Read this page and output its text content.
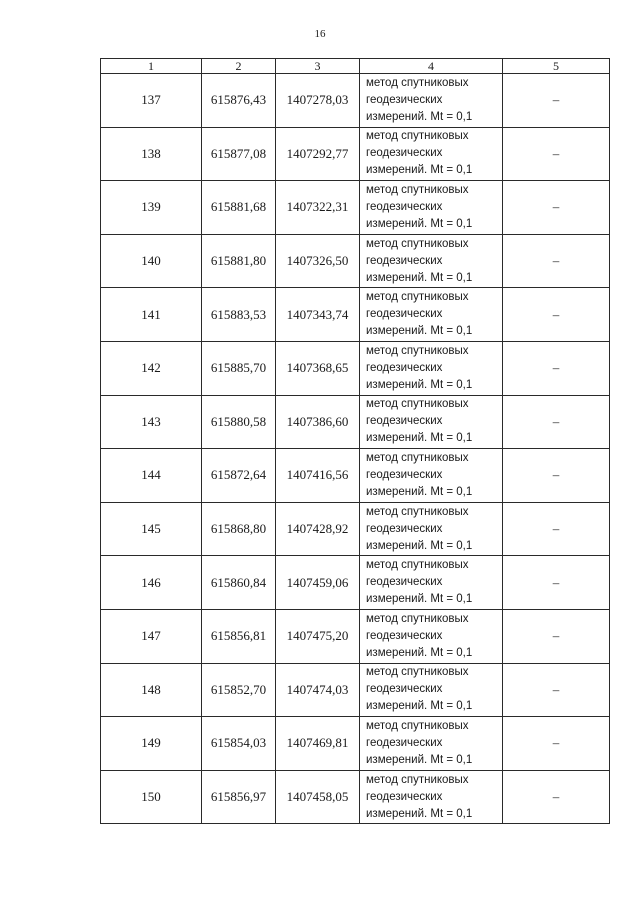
16
1	2	3	4	5
137	615876,43	1407278,03	метод спутниковых
геодезических
измерений. Mt = 0,1	–
138	615877,08	1407292,77	метод спутниковых
геодезических
измерений. Mt = 0,1	–
139	615881,68	1407322,31	метод спутниковых
геодезических
измерений. Mt = 0,1	–
140	615881,80	1407326,50	метод спутниковых
геодезических
измерений. Mt = 0,1	–
141	615883,53	1407343,74	метод спутниковых
геодезических
измерений. Mt = 0,1	–
142	615885,70	1407368,65	метод спутниковых
геодезических
измерений. Mt = 0,1	–
143	615880,58	1407386,60	метод спутниковых
геодезических
измерений. Mt = 0,1	–
144	615872,64	1407416,56	метод спутниковых
геодезических
измерений. Mt = 0,1	–
145	615868,80	1407428,92	метод спутниковых
геодезических
измерений. Mt = 0,1	–
146	615860,84	1407459,06	метод спутниковых
геодезических
измерений. Mt = 0,1	–
147	615856,81	1407475,20	метод спутниковых
геодезических
измерений. Mt = 0,1	–
148	615852,70	1407474,03	метод спутниковых
геодезических
измерений. Mt = 0,1	–
149	615854,03	1407469,81	метод спутниковых
геодезических
измерений. Mt = 0,1	–
150	615856,97	1407458,05	метод спутниковых
геодезических
измерений. Mt = 0,1	–
